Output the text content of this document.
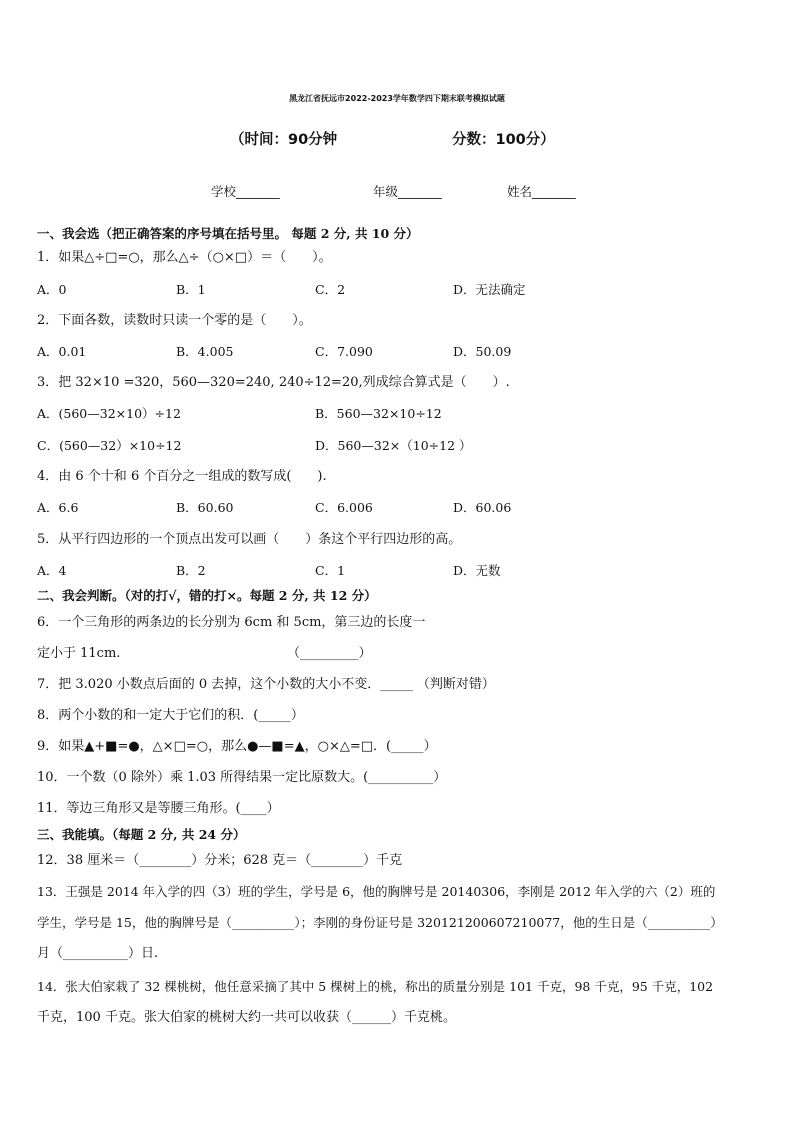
黑龙江省抚远市2022-2023学年数学四下期末联考模拟试题
（时间：90分钟	分数：100分）
学校_______	年级_______	姓名_______
一、我会选（把正确答案的序号填在括号里。 每题 2 分, 共 10 分）
1．如果△÷□=○，那么△÷（○×□）＝（　　）。
A．0	B．1	C．2	D．无法确定
2．下面各数，读数时只读一个零的是（　　）。
A．0.01	B．4.005	C．7.090	D．50.09
3．把 32×10 =320，560—320=240, 240÷12=20,列成综合算式是（　　）.
A．(560—32×10）÷12	B．560—32×10÷12
C．(560—32）×10÷12	D．560—32×（10÷12 ）
4．由 6 个十和 6 个百分之一组成的数写成(　　).
A．6.6	B．60.60	C．6.006	D．60.06
5．从平行四边形的一个顶点出发可以画（　　）条这个平行四边形的高。
A．4	B．2	C．1	D．无数
二、我会判断。（对的打√，错的打×。每题 2 分, 共 12 分）
6．一个三角形的两条边的长分别为 6cm 和 5cm，第三边的长度一
定小于 11cm.	（_________）
7．把 3.020 小数点后面的 0 去掉，这个小数的大小不变．_____ （判断对错）
8．两个小数的和一定大于它们的积．(_____）
9．如果▲+■=●，△×□=○，那么●—■=▲，○×△=□．(_____）
10．一个数（0 除外）乘 1.03 所得结果一定比原数大。(__________）
11．等边三角形又是等腰三角形。(____）
三、我能填。（每题 2 分, 共 24 分）
12．38 厘米＝（________）分米；628 克＝（________）千克
13．王强是 2014 年入学的四（3）班的学生，学号是 6，他的胸牌号是 20140306，李刚是 2012 年入学的六（2）班的
学生，学号是 15，他的胸牌号是（__________）；李刚的身份证号是 320121200607210077，他的生日是（__________）
月（__________）日.
14．张大伯家栽了 32 棵桃树，他任意采摘了其中 5 棵树上的桃，称出的质量分别是 101 千克，98 千克，95 千克，102
千克，100 千克。张大伯家的桃树大约一共可以收获（______）千克桃。
